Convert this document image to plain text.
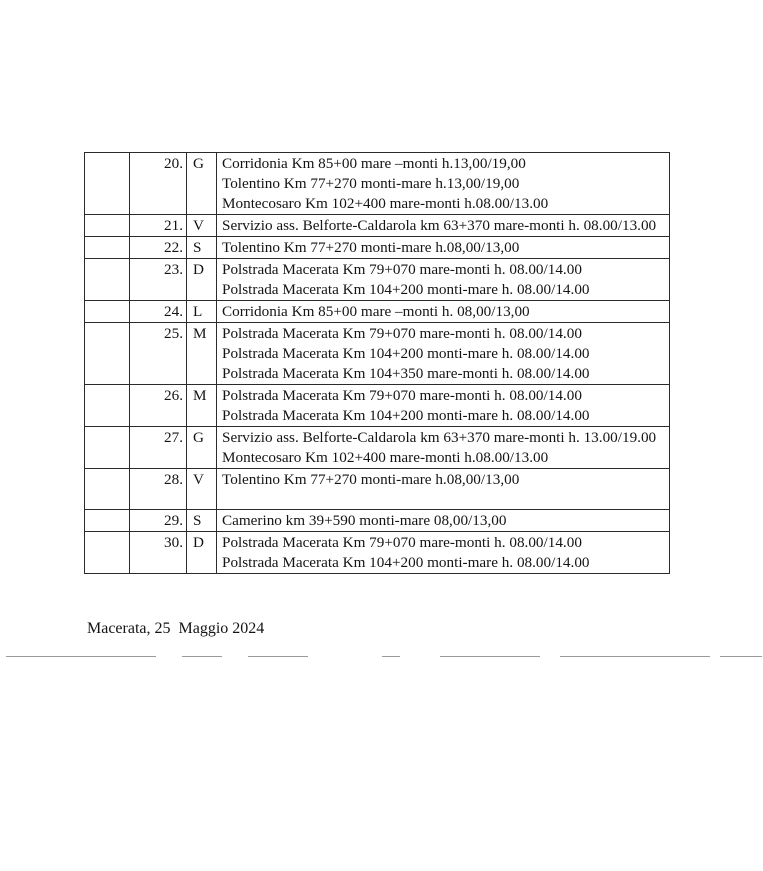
	20.	G	Corridonia Km 85+00 mare –monti h.13,00/19,00
Tolentino Km 77+270 monti-mare h.13,00/19,00
Montecosaro Km 102+400 mare-monti h.08.00/13.00

	21.	V	Servizio ass. Belforte-Caldarola km 63+370 mare-monti h. 08.00/13.00

	22.	S	Tolentino Km 77+270 monti-mare h.08,00/13,00

	23.	D	Polstrada Macerata Km 79+070 mare-monti h. 08.00/14.00
Polstrada Macerata Km 104+200 monti-mare h. 08.00/14.00

	24.	L	Corridonia Km 85+00 mare –monti h. 08,00/13,00

	25.	M	Polstrada Macerata Km 79+070 mare-monti h. 08.00/14.00
Polstrada Macerata Km 104+200 monti-mare h. 08.00/14.00
Polstrada Macerata Km 104+350 mare-monti h. 08.00/14.00

	26.	M	Polstrada Macerata Km 79+070 mare-monti h. 08.00/14.00
Polstrada Macerata Km 104+200 monti-mare h. 08.00/14.00

	27.	G	Servizio ass. Belforte-Caldarola km 63+370 mare-monti h. 13.00/19.00
Montecosaro Km 102+400 mare-monti h.08.00/13.00

	28.	V	Tolentino Km 77+270 monti-mare h.08,00/13,00

	29.	S	Camerino km 39+590 monti-mare 08,00/13,00

	30.	D	Polstrada Macerata Km 79+070 mare-monti h. 08.00/14.00
Polstrada Macerata Km 104+200 monti-mare h. 08.00/14.00
Macerata, 25  Maggio 2024
